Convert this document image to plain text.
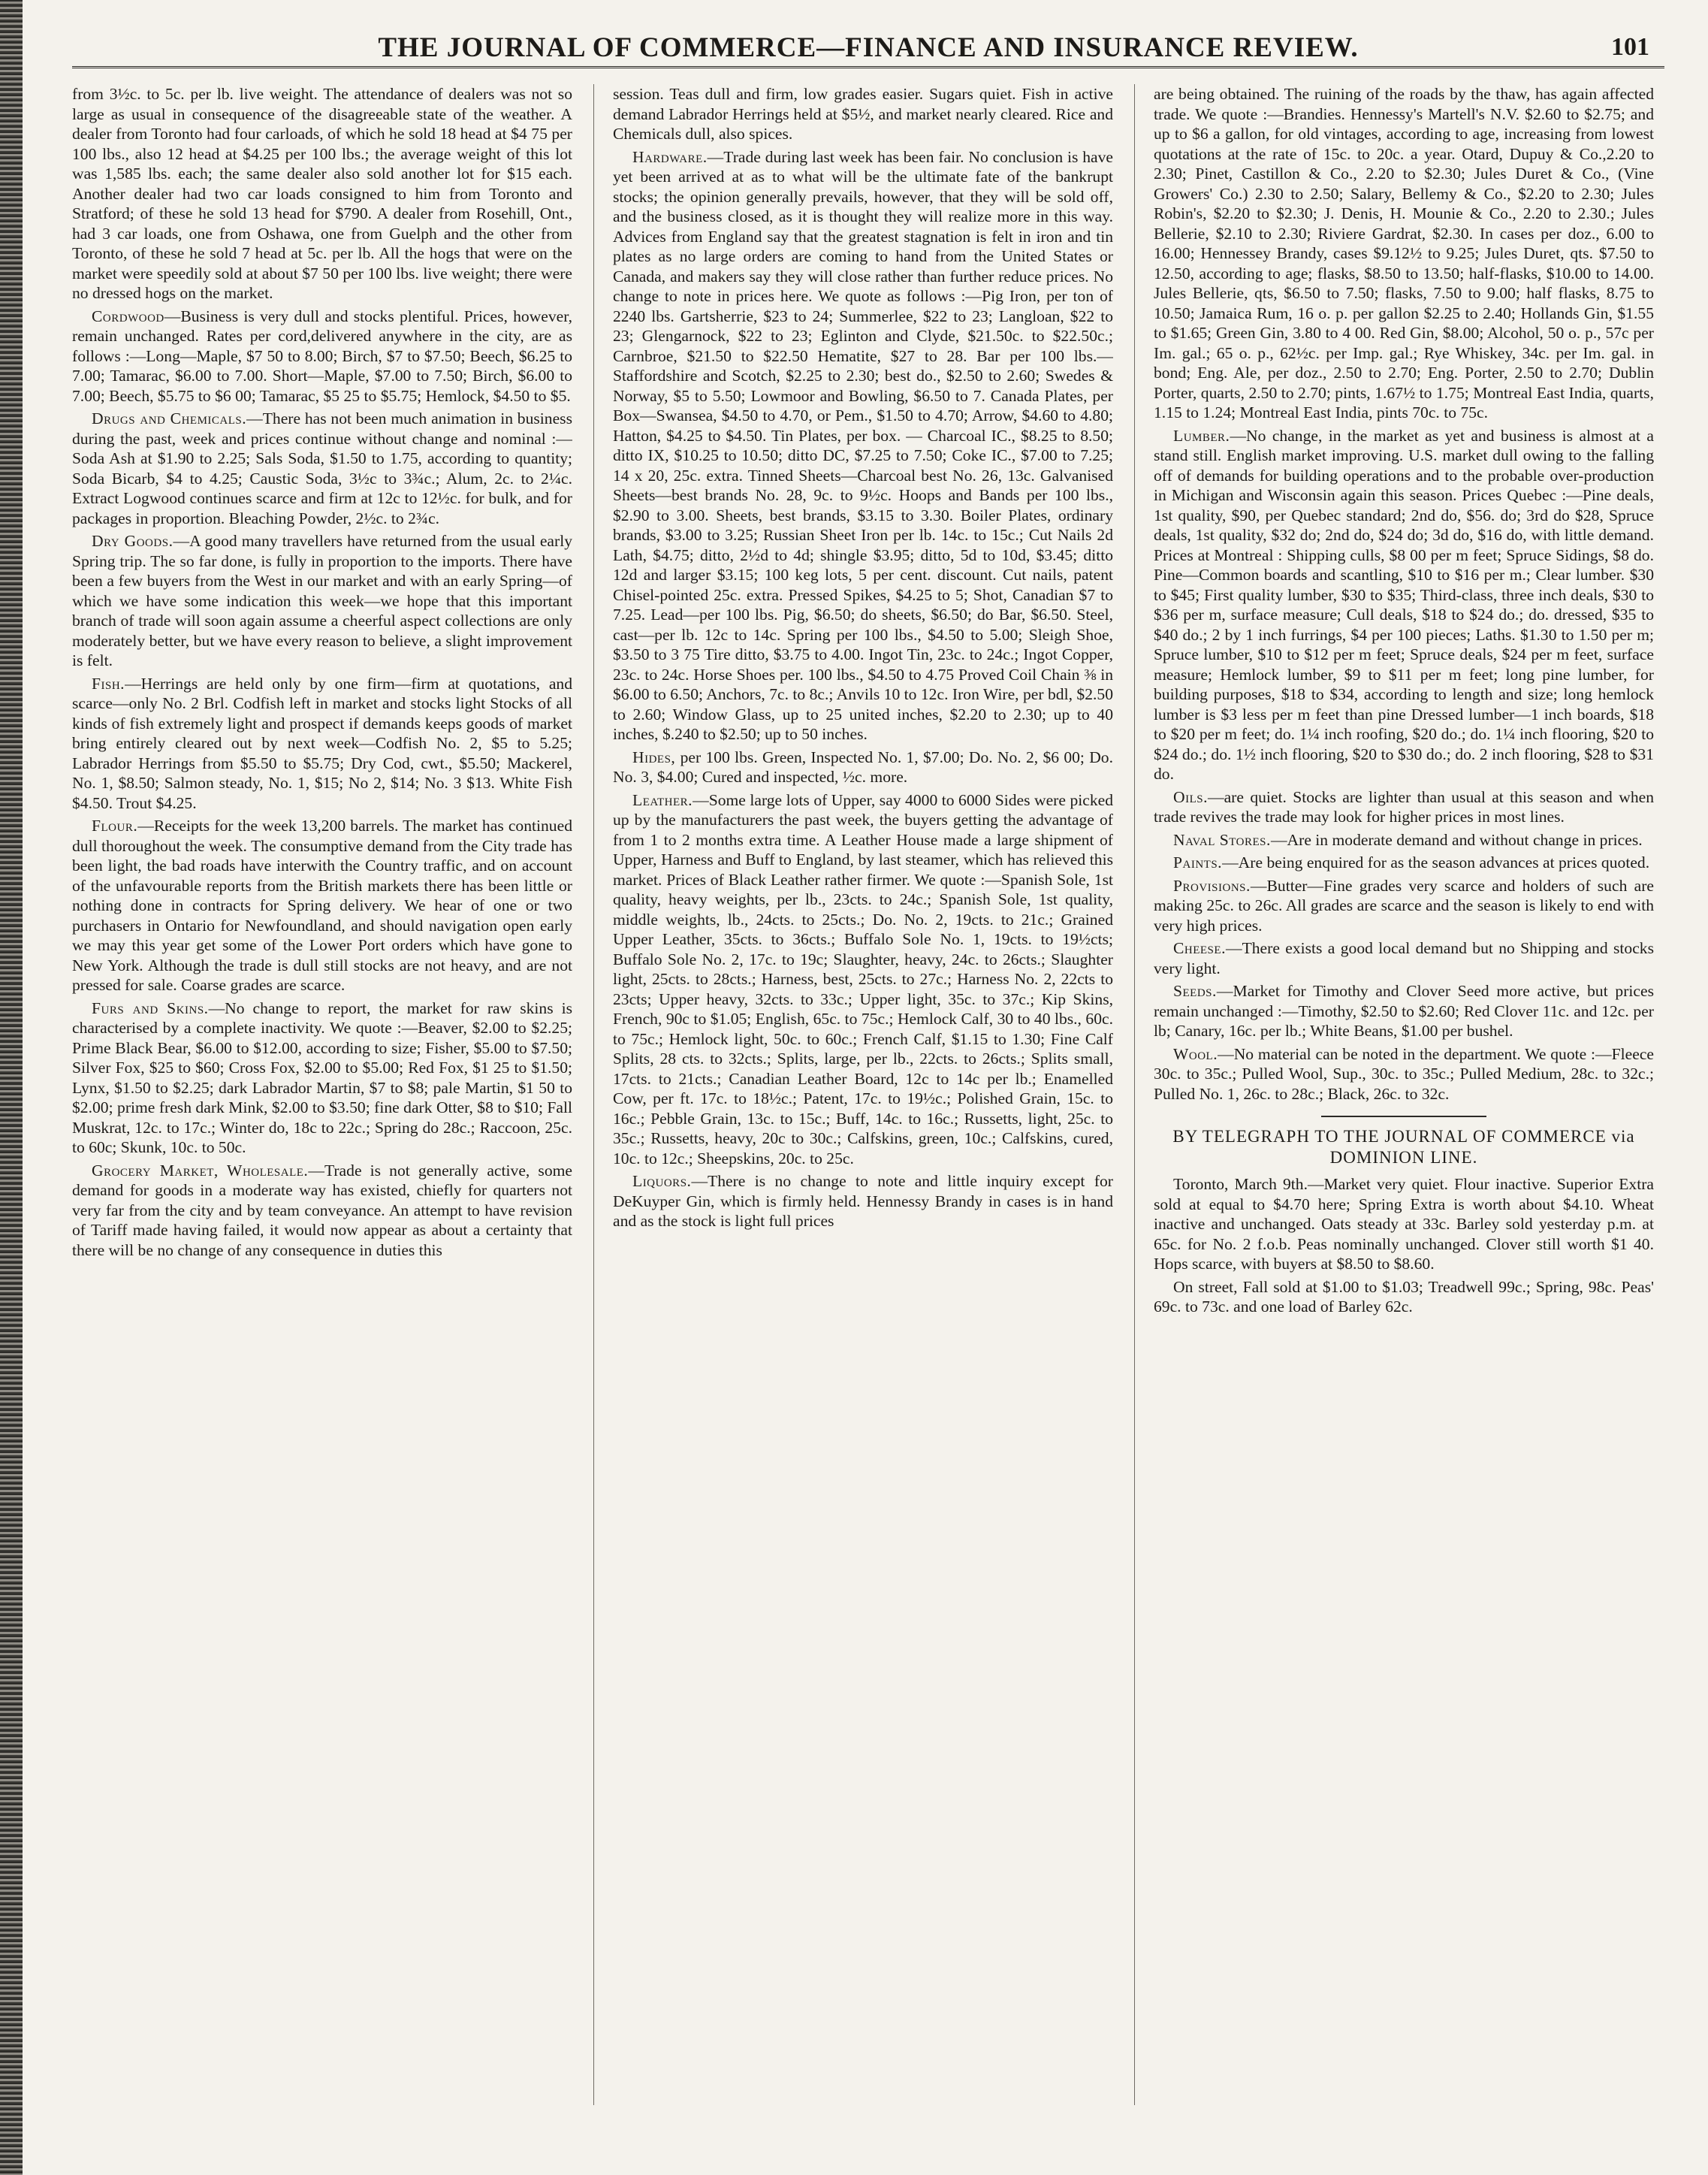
THE JOURNAL OF COMMERCE—FINANCE AND INSURANCE REVIEW.	101

from 3½c. to 5c. per lb. live weight. The attendance of dealers was not so large as usual in consequence of the disagreeable state of the weather. A dealer from Toronto had four carloads, of which he sold 18 head at $4 75 per 100 lbs., also 12 head at $4.25 per 100 lbs.; the average weight of this lot was 1,585 lbs. each; the same dealer also sold another lot for $15 each. Another dealer had two car loads consigned to him from Toronto and Stratford; of these he sold 13 head for $790. A dealer from Rosehill, Ont., had 3 car loads, one from Oshawa, one from Guelph and the other from Toronto, of these he sold 7 head at 5c. per lb. All the hogs that were on the market were speedily sold at about $7 50 per 100 lbs. live weight; there were no dressed hogs on the market.

Cordwood—Business is very dull and stocks plentiful. Prices, however, remain unchanged. Rates per cord,delivered anywhere in the city, are as follows :—Long—Maple, $7 50 to 8.00; Birch, $7 to $7.50; Beech, $6.25 to 7.00; Tamarac, $6.00 to 7.00. Short—Maple, $7.00 to 7.50; Birch, $6.00 to 7.00; Beech, $5.75 to $6 00; Tamarac, $5 25 to $5.75; Hemlock, $4.50 to $5.

Drugs and Chemicals.—There has not been much animation in business during the past, week and prices continue without change and nominal :—Soda Ash at $1.90 to 2.25; Sals Soda, $1.50 to 1.75, according to quantity; Soda Bicarb, $4 to 4.25; Caustic Soda, 3½c to 3¾c.; Alum, 2c. to 2¼c. Extract Logwood continues scarce and firm at 12c to 12½c. for bulk, and for packages in proportion. Bleaching Powder, 2½c. to 2¾c.

Dry Goods.—A good many travellers have returned from the usual early Spring trip. The so far done, is fully in proportion to the imports. There have been a few buyers from the West in our market and with an early Spring—of which we have some indication this week—we hope that this important branch of trade will soon again assume a cheerful aspect collections are only moderately better, but we have every reason to believe, a slight improvement is felt.

Fish.—Herrings are held only by one firm—firm at quotations, and scarce—only No. 2 Brl. Codfish left in market and stocks light Stocks of all kinds of fish extremely light and prospect if demands keeps goods of market bring entirely cleared out by next week—Codfish No. 2, $5 to 5.25; Labrador Herrings from $5.50 to $5.75; Dry Cod, cwt., $5.50; Mackerel, No. 1, $8.50; Salmon steady, No. 1, $15; No 2, $14; No. 3 $13. White Fish $4.50. Trout $4.25.

Flour.—Receipts for the week 13,200 barrels. The market has continued dull thoroughout the week. The consumptive demand from the City trade has been light, the bad roads have interwith the Country traffic, and on account of the unfavourable reports from the British markets there has been little or nothing done in contracts for Spring delivery. We hear of one or two purchasers in Ontario for Newfoundland, and should navigation open early we may this year get some of the Lower Port orders which have gone to New York. Although the trade is dull still stocks are not heavy, and are not pressed for sale. Coarse grades are scarce.

Furs and Skins.—No change to report, the market for raw skins is characterised by a complete inactivity. We quote :—Beaver, $2.00 to $2.25; Prime Black Bear, $6.00 to $12.00, according to size; Fisher, $5.00 to $7.50; Silver Fox, $25 to $60; Cross Fox, $2.00 to $5.00; Red Fox, $1 25 to $1.50; Lynx, $1.50 to $2.25; dark Labrador Martin, $7 to $8; pale Martin, $1 50 to $2.00; prime fresh dark Mink, $2.00 to $3.50; fine dark Otter, $8 to $10; Fall Muskrat, 12c. to 17c.; Winter do, 18c to 22c.; Spring do 28c.; Raccoon, 25c. to 60c; Skunk, 10c. to 50c.

Grocery Market, Wholesale.—Trade is not generally active, some demand for goods in a moderate way has existed, chiefly for quarters not very far from the city and by team conveyance. An attempt to have revision of Tariff made having failed, it would now appear as about a certainty that there will be no change of any consequence in duties this

session. Teas dull and firm, low grades easier. Sugars quiet. Fish in active demand Labrador Herrings held at $5½, and market nearly cleared. Rice and Chemicals dull, also spices.

Hardware.—Trade during last week has been fair. No conclusion is have yet been arrived at as to what will be the ultimate fate of the bankrupt stocks; the opinion generally prevails, however, that they will be sold off, and the business closed, as it is thought they will realize more in this way. Advices from England say that the greatest stagnation is felt in iron and tin plates as no large orders are coming to hand from the United States or Canada, and makers say they will close rather than further reduce prices. No change to note in prices here. We quote as follows :—Pig Iron, per ton of 2240 lbs. Gartsherrie, $23 to 24; Summerlee, $22 to 23; Langloan, $22 to 23; Glengarnock, $22 to 23; Eglinton and Clyde, $21.50c. to $22.50c.; Carnbroe, $21.50 to $22.50 Hematite, $27 to 28. Bar per 100 lbs.—Staffordshire and Scotch, $2.25 to 2.30; best do., $2.50 to 2.60; Swedes & Norway, $5 to 5.50; Lowmoor and Bowling, $6.50 to 7. Canada Plates, per Box—Swansea, $4.50 to 4.70, or Pem., $1.50 to 4.70; Arrow, $4.60 to 4.80; Hatton, $4.25 to $4.50. Tin Plates, per box. — Charcoal IC., $8.25 to 8.50; ditto IX, $10.25 to 10.50; ditto DC, $7.25 to 7.50; Coke IC., $7.00 to 7.25; 14 x 20, 25c. extra. Tinned Sheets—Charcoal best No. 26, 13c. Galvanised Sheets—best brands No. 28, 9c. to 9½c. Hoops and Bands per 100 lbs., $2.90 to 3.00. Sheets, best brands, $3.15 to 3.30. Boiler Plates, ordinary brands, $3.00 to 3.25; Russian Sheet Iron per lb. 14c. to 15c.; Cut Nails 2d Lath, $4.75; ditto, 2½d to 4d; shingle $3.95; ditto, 5d to 10d, $3.45; ditto 12d and larger $3.15; 100 keg lots, 5 per cent. discount. Cut nails, patent Chisel-pointed 25c. extra. Pressed Spikes, $4.25 to 5; Shot, Canadian $7 to 7.25. Lead—per 100 lbs. Pig, $6.50; do sheets, $6.50; do Bar, $6.50. Steel, cast—per lb. 12c to 14c. Spring per 100 lbs., $4.50 to 5.00; Sleigh Shoe, $3.50 to 3 75 Tire ditto, $3.75 to 4.00. Ingot Tin, 23c. to 24c.; Ingot Copper, 23c. to 24c. Horse Shoes per. 100 lbs., $4.50 to 4.75 Proved Coil Chain ⅜ in $6.00 to 6.50; Anchors, 7c. to 8c.; Anvils 10 to 12c. Iron Wire, per bdl, $2.50 to 2.60; Window Glass, up to 25 united inches, $2.20 to 2.30; up to 40 inches, $.240 to $2.50; up to 50 inches.

Hides, per 100 lbs. Green, Inspected No. 1, $7.00; Do. No. 2, $6 00; Do. No. 3, $4.00; Cured and inspected, ½c. more.

Leather.—Some large lots of Upper, say 4000 to 6000 Sides were picked up by the manufacturers the past week, the buyers getting the advantage of from 1 to 2 months extra time. A Leather House made a large shipment of Upper, Harness and Buff to England, by last steamer, which has relieved this market. Prices of Black Leather rather firmer. We quote :—Spanish Sole, 1st quality, heavy weights, per lb., 23cts. to 24c.; Spanish Sole, 1st quality, middle weights, lb., 24cts. to 25cts.; Do. No. 2, 19cts. to 21c.; Grained Upper Leather, 35cts. to 36cts.; Buffalo Sole No. 1, 19cts. to 19½cts; Buffalo Sole No. 2, 17c. to 19c; Slaughter, heavy, 24c. to 26cts.; Slaughter light, 25cts. to 28cts.; Harness, best, 25cts. to 27c.; Harness No. 2, 22cts to 23cts; Upper heavy, 32cts. to 33c.; Upper light, 35c. to 37c.; Kip Skins, French, 90c to $1.05; English, 65c. to 75c.; Hemlock Calf, 30 to 40 lbs., 60c. to 75c.; Hemlock light, 50c. to 60c.; French Calf, $1.15 to 1.30; Fine Calf Splits, 28 cts. to 32cts.; Splits, large, per lb., 22cts. to 26cts.; Splits small, 17cts. to 21cts.; Canadian Leather Board, 12c to 14c per lb.; Enamelled Cow, per ft. 17c. to 18½c.; Patent, 17c. to 19½c.; Polished Grain, 15c. to 16c.; Pebble Grain, 13c. to 15c.; Buff, 14c. to 16c.; Russetts, light, 25c. to 35c.; Russetts, heavy, 20c to 30c.; Calfskins, green, 10c.; Calfskins, cured, 10c. to 12c.; Sheepskins, 20c. to 25c.

Liquors.—There is no change to note and little inquiry except for DeKuyper Gin, which is firmly held. Hennessy Brandy in cases is in hand and as the stock is light full prices

are being obtained. The ruining of the roads by the thaw, has again affected trade. We quote :—Brandies. Hennessy's Martell's N.V. $2.60 to $2.75; and up to $6 a gallon, for old vintages, according to age, increasing from lowest quotations at the rate of 15c. to 20c. a year. Otard, Dupuy & Co.,2.20 to 2.30; Pinet, Castillon & Co., 2.20 to $2.30; Jules Duret & Co., (Vine Growers' Co.) 2.30 to 2.50; Salary, Bellemy & Co., $2.20 to 2.30; Jules Robin's, $2.20 to $2.30; J. Denis, H. Mounie & Co., 2.20 to 2.30.; Jules Bellerie, $2.10 to 2.30; Riviere Gardrat, $2.30. In cases per doz., 6.00 to 16.00; Hennessey Brandy, cases $9.12½ to 9.25; Jules Duret, qts. $7.50 to 12.50, according to age; flasks, $8.50 to 13.50; half-flasks, $10.00 to 14.00. Jules Bellerie, qts, $6.50 to 7.50; flasks, 7.50 to 9.00; half flasks, 8.75 to 10.50; Jamaica Rum, 16 o. p. per gallon $2.25 to 2.40; Hollands Gin, $1.55 to $1.65; Green Gin, 3.80 to 4 00. Red Gin, $8.00; Alcohol, 50 o. p., 57c per Im. gal.; 65 o. p., 62½c. per Imp. gal.; Rye Whiskey, 34c. per Im. gal. in bond; Eng. Ale, per doz., 2.50 to 2.70; Eng. Porter, 2.50 to 2.70; Dublin Porter, quarts, 2.50 to 2.70; pints, 1.67½ to 1.75; Montreal East India, quarts, 1.15 to 1.24; Montreal East India, pints 70c. to 75c.

Lumber.—No change, in the market as yet and business is almost at a stand still. English market improving. U.S. market dull owing to the falling off of demands for building operations and to the probable over-production in Michigan and Wisconsin again this season. Prices Quebec :—Pine deals, 1st quality, $90, per Quebec standard; 2nd do, $56. do; 3rd do $28, Spruce deals, 1st quality, $32 do; 2nd do, $24 do; 3d do, $16 do, with little demand. Prices at Montreal : Shipping culls, $8 00 per m feet; Spruce Sidings, $8 do. Pine—Common boards and scantling, $10 to $16 per m.; Clear lumber. $30 to $45; First quality lumber, $30 to $35; Third-class, three inch deals, $30 to $36 per m, surface measure; Cull deals, $18 to $24 do.; do. dressed, $35 to $40 do.; 2 by 1 inch furrings, $4 per 100 pieces; Laths. $1.30 to 1.50 per m; Spruce lumber, $10 to $12 per m feet; Spruce deals, $24 per m feet, surface measure; Hemlock lumber, $9 to $11 per m feet; long pine lumber, for building purposes, $18 to $34, according to length and size; long hemlock lumber is $3 less per m feet than pine Dressed lumber—1 inch boards, $18 to $20 per m feet; do. 1¼ inch roofing, $20 do.; do. 1¼ inch flooring, $20 to $24 do.; do. 1½ inch flooring, $20 to $30 do.; do. 2 inch flooring, $28 to $31 do.

Oils.—are quiet. Stocks are lighter than usual at this season and when trade revives the trade may look for higher prices in most lines.

Naval Stores.—Are in moderate demand and without change in prices.

Paints.—Are being enquired for as the season advances at prices quoted.

Provisions.—Butter—Fine grades very scarce and holders of such are making 25c. to 26c. All grades are scarce and the season is likely to end with very high prices.

Cheese.—There exists a good local demand but no Shipping and stocks very light.

Seeds.—Market for Timothy and Clover Seed more active, but prices remain unchanged :—Timothy, $2.50 to $2.60; Red Clover 11c. and 12c. per lb; Canary, 16c. per lb.; White Beans, $1.00 per bushel.

Wool.—No material can be noted in the department. We quote :—Fleece 30c. to 35c.; Pulled Wool, Sup., 30c. to 35c.; Pulled Medium, 28c. to 32c.; Pulled No. 1, 26c. to 28c.; Black, 26c. to 32c.

BY TELEGRAPH TO THE JOURNAL OF COMMERCE via DOMINION LINE.

Toronto, March 9th.—Market very quiet. Flour inactive. Superior Extra sold at equal to $4.70 here; Spring Extra is worth about $4.10. Wheat inactive and unchanged. Oats steady at 33c. Barley sold yesterday p.m. at 65c. for No. 2 f.o.b. Peas nominally unchanged. Clover still worth $1 40. Hops scarce, with buyers at $8.50 to $8.60.

On street, Fall sold at $1.00 to $1.03; Treadwell 99c.; Spring, 98c. Peas' 69c. to 73c. and one load of Barley 62c.
